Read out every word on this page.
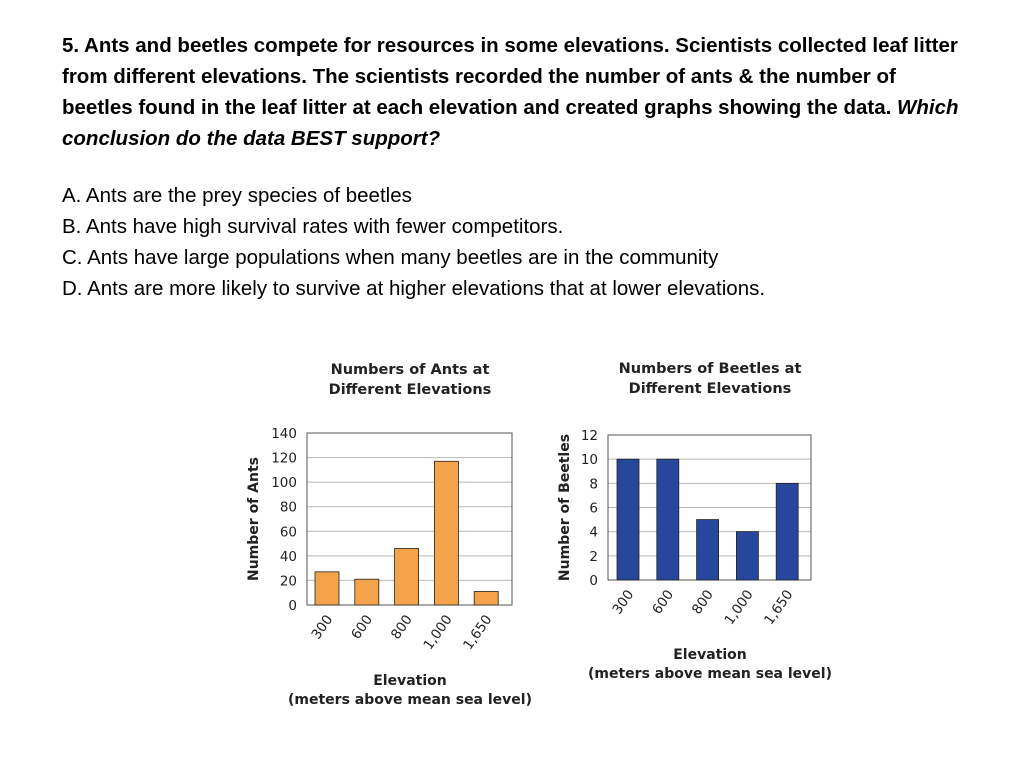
5. Ants and beetles compete for resources in some elevations. Scientists collected leaf litter from different elevations. The scientists recorded the number of ants & the number of beetles found in the leaf litter at each elevation and created graphs showing the data. Which conclusion do the data BEST support?

A. Ants are the prey species of beetles
B. Ants have high survival rates with fewer competitors.
C. Ants have large populations when many beetles are in the community
D. Ants are more likely to survive at higher elevations that at lower elevations.
Numbers of Ants at
Different Elevations
0
20
40
60
80
100
120
140
300 600 800 1,000 1,650
Number of Ants
Elevation
(meters above mean sea level)
Numbers of Beetles at
Different Elevations
0
2
4
6
8
10
12
300 600 800 1,000 1,650
Number of Beetles
Elevation
(meters above mean sea level)
